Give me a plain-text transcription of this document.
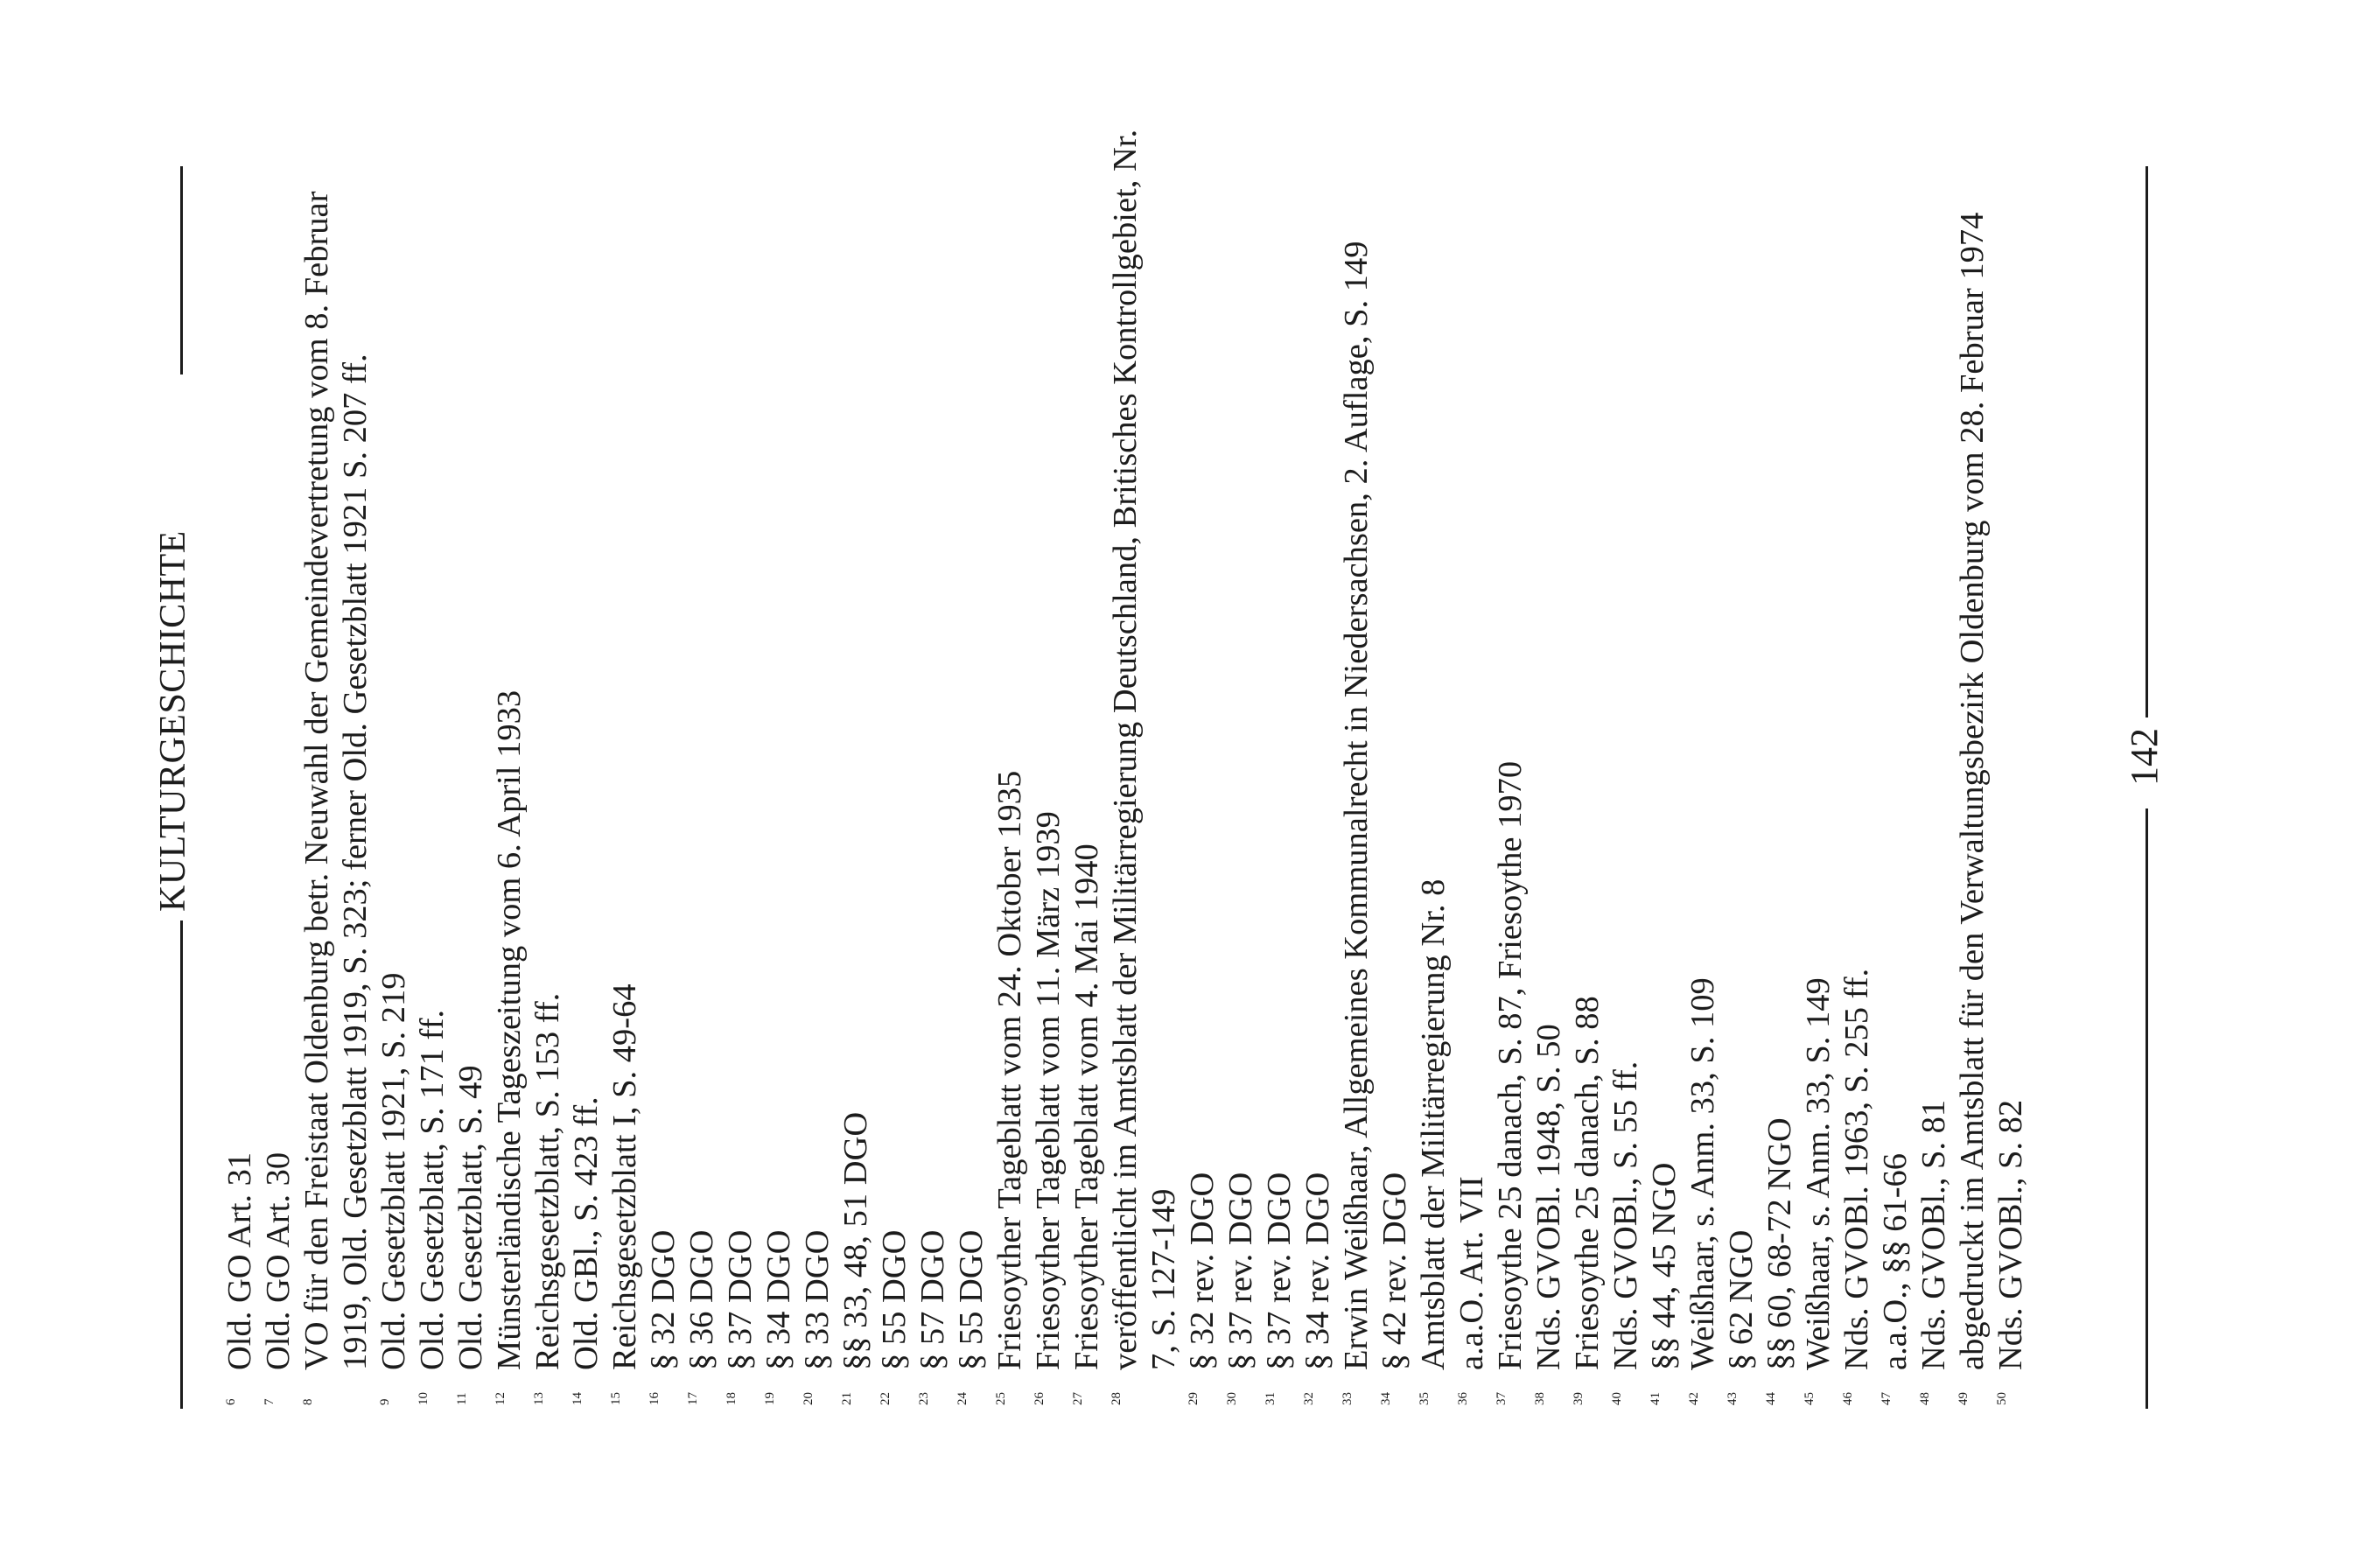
KULTURGESCHICHTE
6
Old. GO Art. 31
7
Old. GO Art. 30
8
VO für den Freistaat Oldenburg betr. Neuwahl der Gemeindevertretung vom 8. Februar 1919, Old. Gesetzblatt 1919, S. 323; ferner Old. Gesetzblatt 1921 S. 207 ff.
9
Old. Gesetzblatt 1921, S. 219
10
Old. Gesetzblatt, S. 171 ff.
11
Old. Gesetzblatt, S. 49
12
Münsterländische Tageszeitung vom 6. April 1933
13
Reichsgesetzblatt, S. 153 ff.
14
Old. GBl., S. 423 ff.
15
Reichsgesetzblatt I, S. 49-64
16
§ 32 DGO
17
§ 36 DGO
18
§ 37 DGO
19
§ 34 DGO
20
§ 33 DGO
21
§§ 33, 48, 51 DGO
22
§ 55 DGO
23
§ 57 DGO
24
§ 55 DGO
25
Friesoyther Tageblatt vom 24. Oktober 1935
26
Friesoyther Tageblatt vom 11. März 1939
27
Friesoyther Tageblatt vom 4. Mai 1940
28
veröffentlicht im Amtsblatt der Militärregierung Deutschland, Britisches Kontrollgebiet, Nr. 7, S. 127-149
29
§ 32 rev. DGO
30
§ 37 rev. DGO
31
§ 37 rev. DGO
32
§ 34 rev. DGO
33
Erwin Weißhaar, Allgemeines Kommunalrecht in Niedersachsen, 2. Auflage, S. 149
34
§ 42 rev. DGO
35
Amtsblatt der Militärregierung Nr. 8
36
a.a.O. Art. VII
37
Friesoythe 25 danach, S. 87, Friesoythe 1970
38
Nds. GVOBl. 1948, S. 50
39
Friesoythe 25 danach, S. 88
40
Nds. GVOBl., S. 55 ff.
41
§§ 44, 45 NGO
42
Weißhaar, s. Anm. 33, S. 109
43
§ 62 NGO
44
§§ 60, 68-72 NGO
45
Weißhaar, s. Anm. 33, S. 149
46
Nds. GVOBl. 1963, S. 255 ff.
47
a.a.O., §§ 61-66
48
Nds. GVOBl., S. 81
49
abgedruckt im Amtsblatt für den Verwaltungsbezirk Oldenburg vom 28. Februar 1974
50
Nds. GVOBl., S. 82
142
